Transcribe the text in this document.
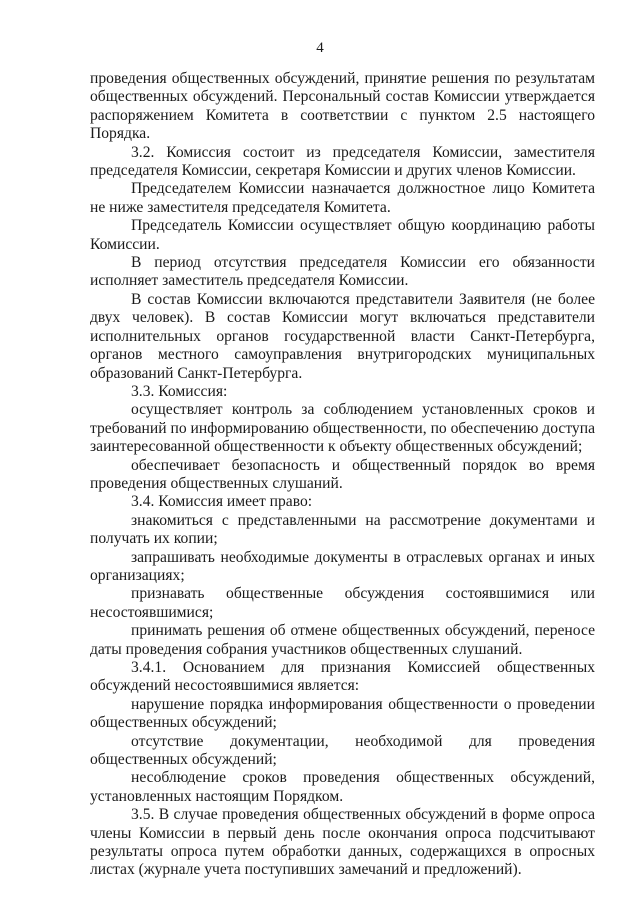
4

проведения общественных обсуждений, принятие решения по результатам общественных обсуждений. Персональный состав Комиссии утверждается распоряжением Комитета в соответствии с пунктом 2.5 настоящего Порядка.

3.2. Комиссия состоит из председателя Комиссии, заместителя председателя Комиссии, секретаря Комиссии и других членов Комиссии.

Председателем Комиссии назначается должностное лицо Комитета не ниже заместителя председателя Комитета.

Председатель Комиссии осуществляет общую координацию работы Комиссии.

В период отсутствия председателя Комиссии его обязанности исполняет заместитель председателя Комиссии.

В состав Комиссии включаются представители Заявителя (не более двух человек). В состав Комиссии могут включаться представители исполнительных органов государственной власти Санкт-Петербурга, органов местного самоуправления внутригородских муниципальных образований Санкт-Петербурга.

3.3. Комиссия:

осуществляет контроль за соблюдением установленных сроков и требований по информированию общественности, по обеспечению доступа заинтересованной общественности к объекту общественных обсуждений;

обеспечивает безопасность и общественный порядок во время проведения общественных слушаний.

3.4. Комиссия имеет право:

знакомиться с представленными на рассмотрение документами и получать их копии;

запрашивать необходимые документы в отраслевых органах и иных организациях;

признавать общественные обсуждения состоявшимися или несостоявшимися;

принимать решения об отмене общественных обсуждений, переносе даты проведения собрания участников общественных слушаний.

3.4.1. Основанием для признания Комиссией общественных обсуждений несостоявшимися является:

нарушение порядка информирования общественности о проведении общественных обсуждений;

отсутствие документации, необходимой для проведения общественных обсуждений;

несоблюдение сроков проведения общественных обсуждений, установленных настоящим Порядком.

3.5. В случае проведения общественных обсуждений в форме опроса члены Комиссии в первый день после окончания опроса подсчитывают результаты опроса путем обработки данных, содержащихся в опросных листах (журнале учета поступивших замечаний и предложений).
